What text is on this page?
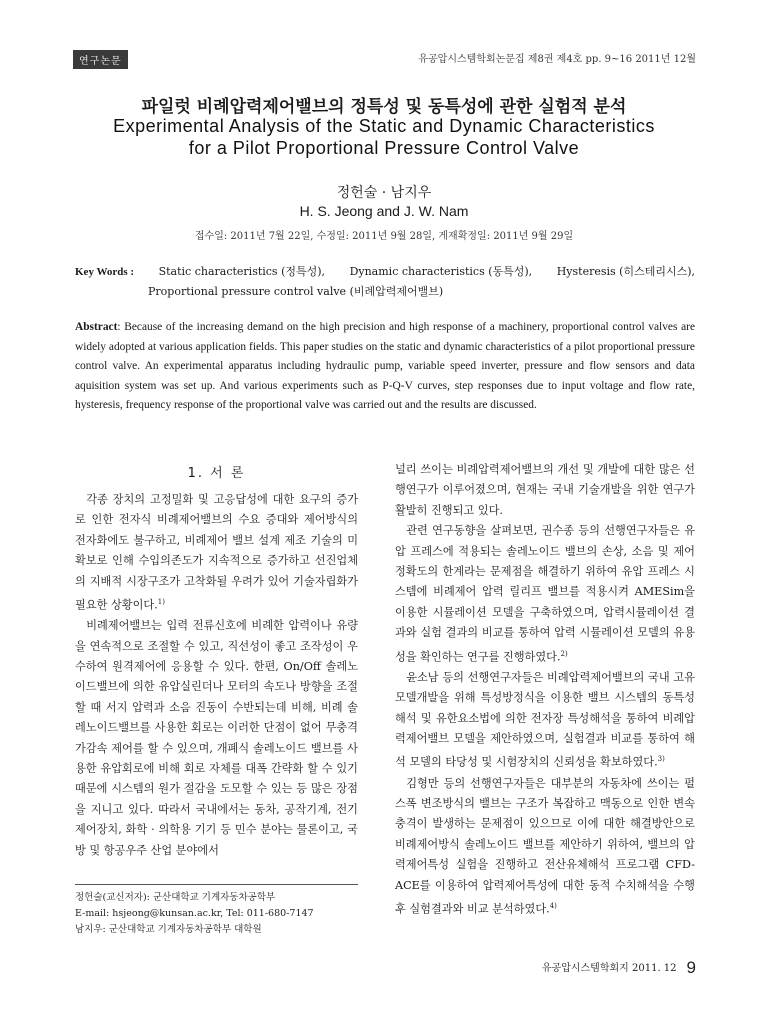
연구논문	유공압시스템학회논문집 제8권 제4호 pp. 9~16 2011년 12월
파일럿 비례압력제어밸브의 정특성 및 동특성에 관한 실험적 분석
Experimental Analysis of the Static and Dynamic Characteristics
for a Pilot Proportional Pressure Control Valve
정헌술 · 남지우
H. S. Jeong and J. W. Nam
접수일: 2011년 7월 22일, 수정일: 2011년 9월 28일, 게재확정일: 2011년 9월 29일
Key Words : Static characteristics (정특성), Dynamic characteristics (동특성), Hysteresis (히스테리시스),
Proportional pressure control valve (비례압력제어밸브)
Abstract: Because of the increasing demand on the high precision and high response of a machinery, proportional control valves are widely adopted at various application fields. This paper studies on the static and dynamic characteristics of a pilot proportional pressure control valve. An experimental apparatus including hydraulic pump, variable speed inverter, pressure and flow sensors and data aquisition system was set up. And various experiments such as P-Q-V curves, step responses due to input voltage and flow rate, hysteresis, frequency response of the proportional valve was carried out and the results are discussed.
1. 서 론

각종 장치의 고정밀화 및 고응답성에 대한 요구의 증가로 인한 전자식 비례제어밸브의 수요 증대와 제어방식의 전자화에도 불구하고, 비례제어 밸브 설계 제조 기술의 미확보로 인해 수입의존도가 지속적으로 증가하고 선진업체의 지배적 시장구조가 고착화될 우려가 있어 기술자립화가 필요한 상황이다.$^{1)}$

비례제어밸브는 입력 전류신호에 비례한 압력이나 유량을 연속적으로 조절할 수 있고, 직선성이 좋고 조작성이 우수하여 원격제어에 응용할 수 있다. 한편, On/Off 솔레노이드밸브에 의한 유압실린더나 모터의 속도나 방향을 조절할 때 서지 압력과 소음 진동이 수반되는데 비해, 비례 솔레노이드밸브를 사용한 회로는 이러한 단점이 없어 무충격 가감속 제어를 할 수 있으며, 개폐식 솔레노이드 밸브를 사용한 유압회로에 비해 회로 자체를 대폭 간략화 할 수 있기 때문에 시스템의 원가 절감을 도모할 수 있는 등 많은 장점을 지니고 있다. 따라서 국내에서는 동차, 공작기계, 전기제어장치, 화학 · 의학용 기기 등 민수 분야는 물론이고, 국방 및 항공우주 산업 분야에서

널리 쓰이는 비례압력제어밸브의 개선 및 개발에 대한 많은 선행연구가 이루어졌으며, 현재는 국내 기술개발을 위한 연구가 활발히 진행되고 있다.

관련 연구동향을 살펴보면, 권수종 등의 선행연구자들은 유압 프레스에 적용되는 솔레노이드 밸브의 손상, 소음 및 제어 정확도의 한계라는 문제점을 해결하기 위하여 유압 프레스 시스템에 비례제어 압력 릴리프 밸브를 적용시켜 AMESim을 이용한 시뮬레이션 모델을 구축하였으며, 압력시뮬레이션 결과와 실험 결과의 비교를 통하여 압력 시뮬레이션 모델의 유용성을 확인하는 연구를 진행하였다.$^{2)}$

윤소남 등의 선행연구자들은 비례압력제어밸브의 국내 고유 모델개발을 위해 특성방정식을 이용한 밸브 시스템의 동특성 해석 및 유한요소법에 의한 전자장 특성해석을 통하여 비례압력제어밸브 모델을 제안하였으며, 실험결과 비교를 통하여 해석 모델의 타당성 및 시험장치의 신뢰성을 확보하였다.$^{3)}$

김형만 등의 선행연구자들은 대부분의 자동차에 쓰이는 펄스폭 변조방식의 밸브는 구조가 복잡하고 맥동으로 인한 변속충격이 발생하는 문제점이 있으므로 이에 대한 해결방안으로 비례제어방식 솔레노이드 밸브를 제안하기 위하여, 밸브의 압력제어특성 실험을 진행하고 전산유체해석 프로그램 CFD-ACE를 이용하여 압력제어특성에 대한 동적 수치해석을 수행 후 실험결과와 비교 분석하였다.$^{4)}$

정헌술(교신저자): 군산대학교 기계자동차공학부
E-mail: hsjeong@kunsan.ac.kr, Tel: 011-680-7147
남지우: 군산대학교 기계자동차공학부 대학원
유공압시스템학회지 2011. 12 9
